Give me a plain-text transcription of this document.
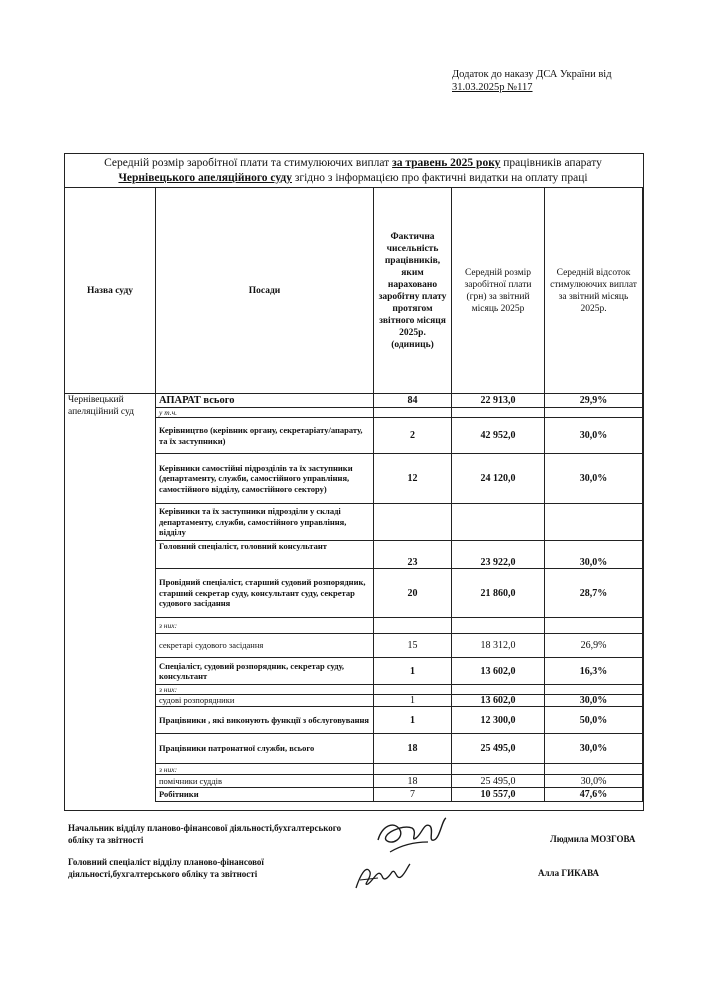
Додаток до наказу ДСА України від
31.03.2025р №117
Середній розмір заробітної плати та стимулюючих виплат за травень 2025 року працівників апарату
Чернівецького апеляційного суду згідно з інформацією про фактичні видатки на оплату праці
Назва суду	Посади	Фактична чисельність працівників, яким нараховано заробітну плату протягом звітного місяця 2025р. (одиниць)	Середній розмір заробітної плати (грн) за звітний місяць 2025р	Середній відсоток стимулюючих виплат за звітний місяць 2025р.
Чернівецький апеляційний суд	АПАРАТ всього	84	22 913,0	29,9%
	у т.ч.			
	Керівництво (керівник органу, секретаріату/апарату, та їх заступники)	2	42 952,0	30,0%
	Керівники самостійні підрозділів та їх заступники (департаменту, служби, самостійного управління, самостійного відділу, самостійного сектору)	12	24 120,0	30,0%
	Керівники та їх заступники підрозділи у складі департаменту, служби, самостійного управління, відділу			
	Головний спеціаліст, головний консультант	23	23 922,0	30,0%
	Провідний спеціаліст, старший судовий розпорядник, старший секретар суду, консультант суду, секретар судового засідання	20	21 860,0	28,7%
	з них:			
	секретарі судового засідання	15	18 312,0	26,9%
	Спеціаліст, судовий розпорядник, секретар суду, консультант	1	13 602,0	16,3%
	з них:			
	судові розпорядники	1	13 602,0	30,0%
	Працівники , які виконують функції з обслуговування	1	12 300,0	50,0%
	Працівники патронатної служби, всього	18	25 495,0	30,0%
	з них:			
	помічники суддів	18	25 495,0	30,0%
	Робітники	7	10 557,0	47,6%
Начальник відділу планово-фінансової діяльності,бухгалтерського обліку та звітності	Людмила МОЗГОВА
Головний спеціаліст відділу планово-фінансової діяльності,бухгалтерського обліку та звітності	Алла ГИКАВА
